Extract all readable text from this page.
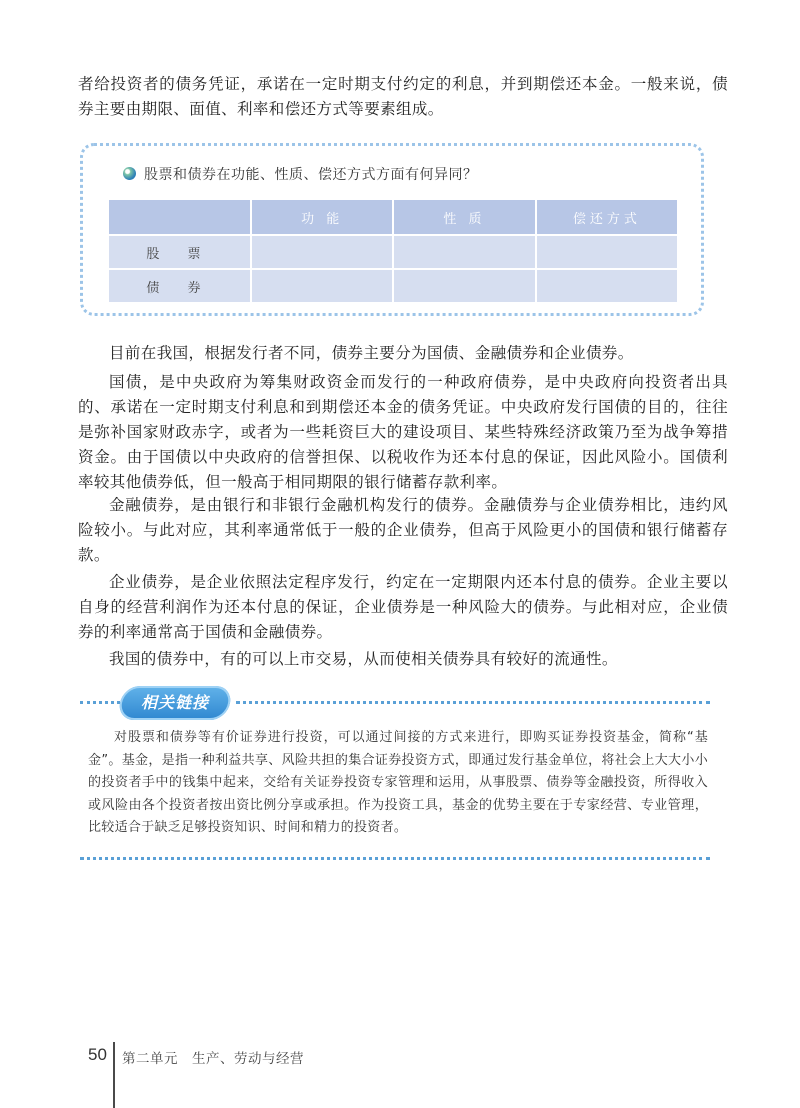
者给投资者的债务凭证，承诺在一定时期支付约定的利息，并到期偿还本金。一般来说，债券主要由期限、面值、利率和偿还方式等要素组成。

股票和债券在功能、性质、偿还方式方面有何异同？
	功 能	性 质	偿还方式
股 票			
债 券			

目前在我国，根据发行者不同，债券主要分为国债、金融债券和企业债券。

国债，是中央政府为筹集财政资金而发行的一种政府债券，是中央政府向投资者出具的、承诺在一定时期支付利息和到期偿还本金的债务凭证。中央政府发行国债的目的，往往是弥补国家财政赤字，或者为一些耗资巨大的建设项目、某些特殊经济政策乃至为战争筹措资金。由于国债以中央政府的信誉担保、以税收作为还本付息的保证，因此风险小。国债利率较其他债券低，但一般高于相同期限的银行储蓄存款利率。

金融债券，是由银行和非银行金融机构发行的债券。金融债券与企业债券相比，违约风险较小。与此对应，其利率通常低于一般的企业债券，但高于风险更小的国债和银行储蓄存款。

企业债券，是企业依照法定程序发行，约定在一定期限内还本付息的债券。企业主要以自身的经营利润作为还本付息的保证，企业债券是一种风险大的债券。与此相对应，企业债券的利率通常高于国债和金融债券。

我国的债券中，有的可以上市交易，从而使相关债券具有较好的流通性。

相关链接

对股票和债券等有价证券进行投资，可以通过间接的方式来进行，即购买证券投资基金，简称“基金”。基金，是指一种利益共享、风险共担的集合证券投资方式，即通过发行基金单位，将社会上大大小小的投资者手中的钱集中起来，交给有关证券投资专家管理和运用，从事股票、债券等金融投资，所得收入或风险由各个投资者按出资比例分享或承担。作为投资工具，基金的优势主要在于专家经营、专业管理，比较适合于缺乏足够投资知识、时间和精力的投资者。

50 第二单元　生产、劳动与经营
